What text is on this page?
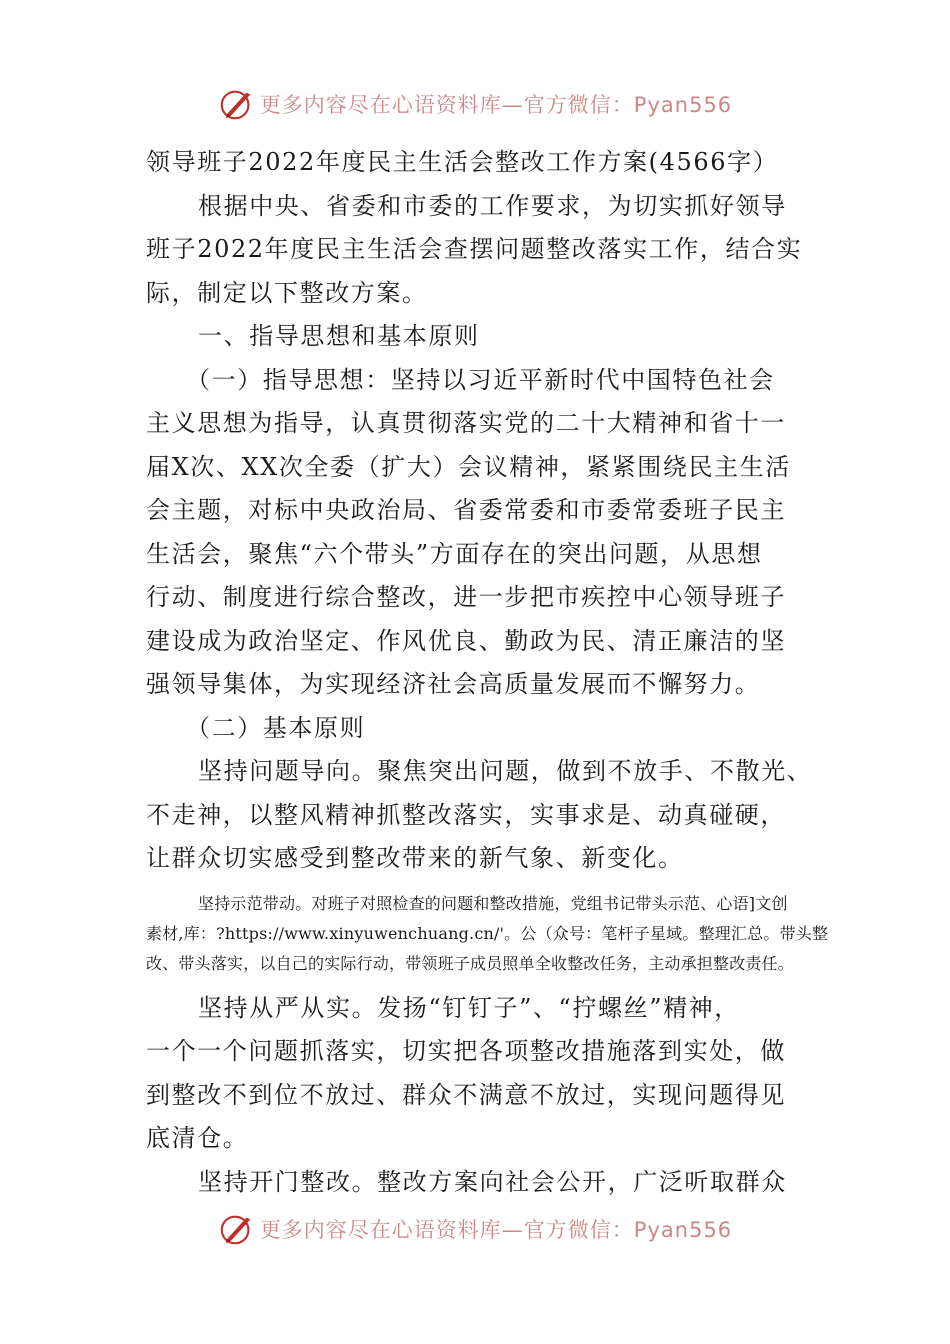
更多内容尽在心语资料库—官方微信：Pyan556
领导班子2022年度民主生活会整改工作方案(4566字）
根据中央、省委和市委的工作要求，为切实抓好领导
班子2022年度民主生活会查摆问题整改落实工作，结合实
际，制定以下整改方案。
一、指导思想和基本原则
（一）指导思想：坚持以习近平新时代中国特色社会
主义思想为指导，认真贯彻落实党的二十大精神和省十一
届X次、XX次全委（扩大）会议精神，紧紧围绕民主生活
会主题，对标中央政治局、省委常委和市委常委班子民主
生活会，聚焦“六个带头”方面存在的突出问题，从思想
行动、制度进行综合整改，进一步把市疾控中心领导班子
建设成为政治坚定、作风优良、勤政为民、清正廉洁的坚
强领导集体，为实现经济社会高质量发展而不懈努力。
（二）基本原则
坚持问题导向。聚焦突出问题，做到不放手、不散光、
不走神，以整风精神抓整改落实，实事求是、动真碰硬，
让群众切实感受到整改带来的新气象、新变化。
坚持示范带动。对班子对照检查的问题和整改措施，党组书记带头示范、心语]文创
素材,库：?https://www.xinyuwenchuang.cn/'。公（众号：笔杆子星域。整理汇总。带头整
改、带头落实，以自己的实际行动，带领班子成员照单全收整改任务，主动承担整改责任。
坚持从严从实。发扬“钉钉子”、“拧螺丝”精神，
一个一个问题抓落实，切实把各项整改措施落到实处，做
到整改不到位不放过、群众不满意不放过，实现问题得见
底清仓。
坚持开门整改。整改方案向社会公开，广泛听取群众
更多内容尽在心语资料库—官方微信：Pyan556
